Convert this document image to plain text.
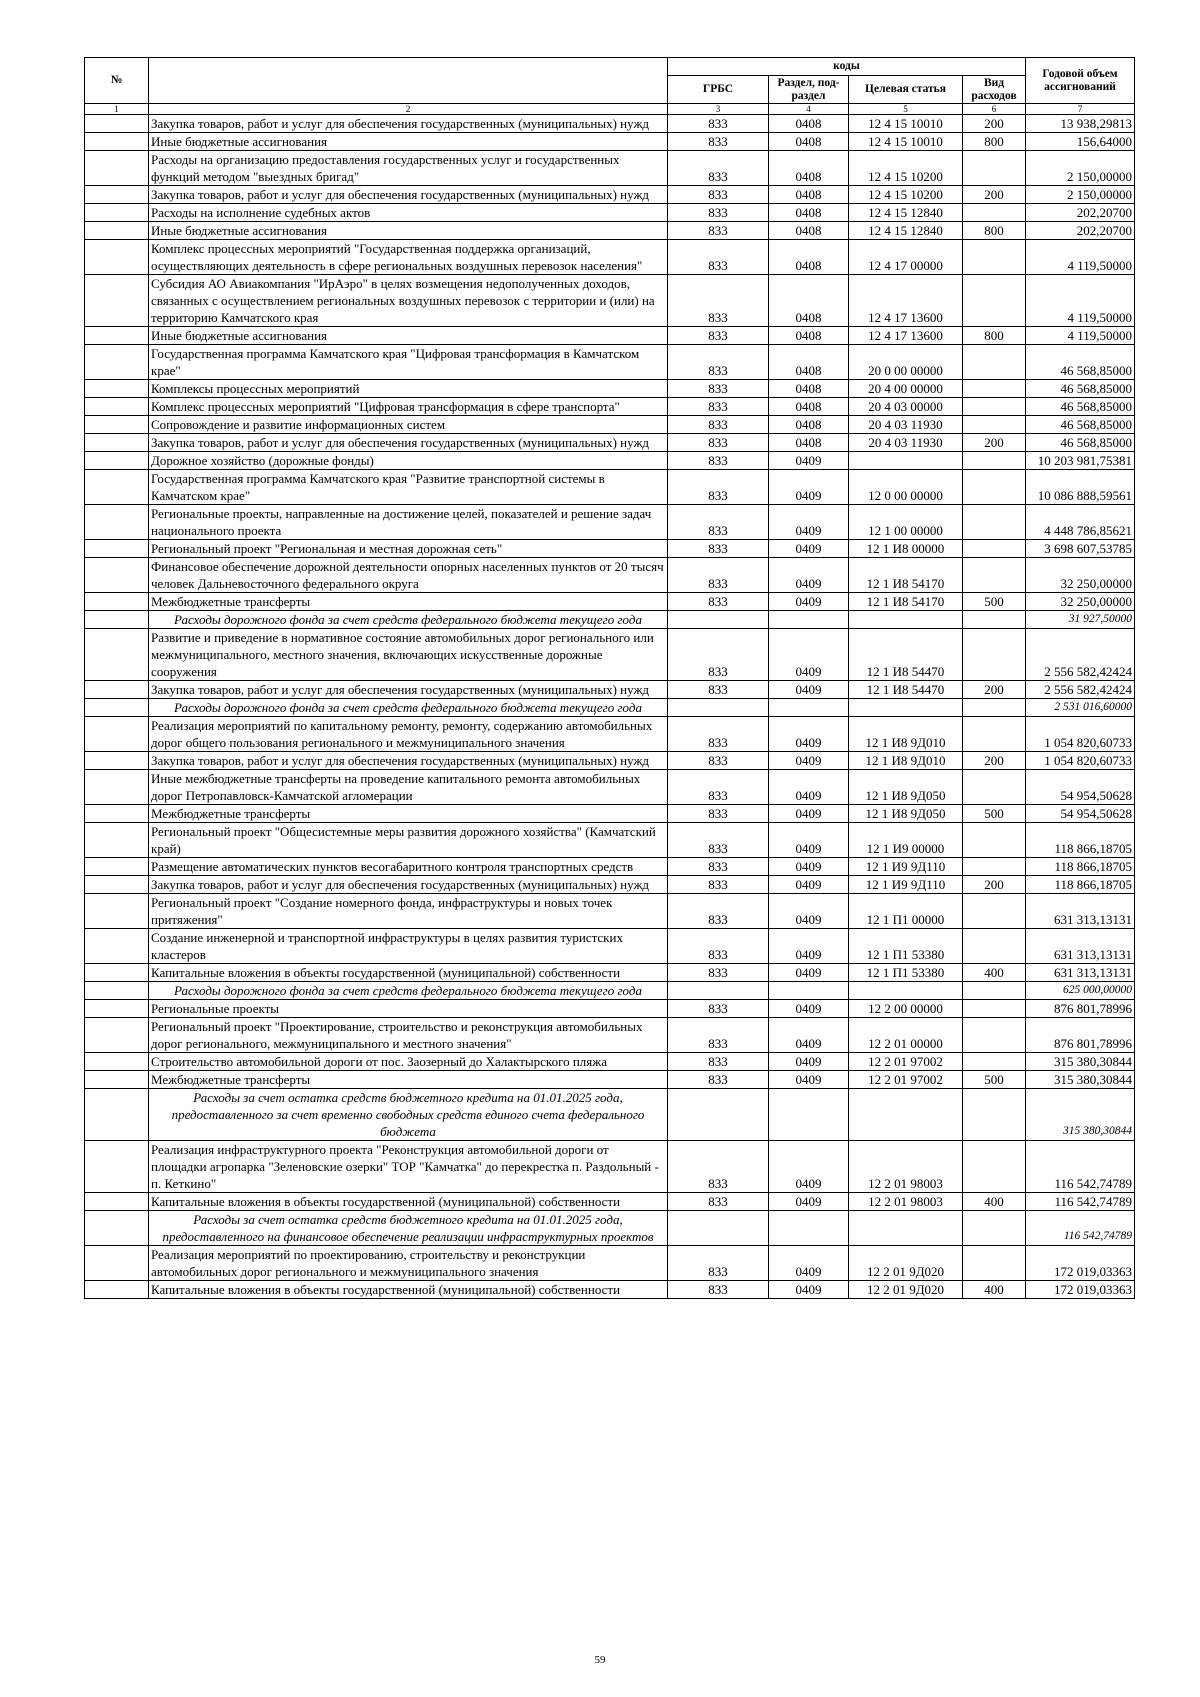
№		коды				Годовой объем ассигнований
		ГРБС	Раздел, под-раздел	Целевая статья	Вид расходов	
1	2	3	4	5	6	7
	Закупка товаров, работ и услуг для обеспечения государственных (муниципальных) нужд	833	0408	12 4 15 10010	200	13 938,29813
	Иные бюджетные ассигнования	833	0408	12 4 15 10010	800	156,64000
	Расходы на организацию предоставления государственных услуг и государственных функций методом "выездных бригад"	833	0408	12 4 15 10200		2 150,00000
	Закупка товаров, работ и услуг для обеспечения государственных (муниципальных) нужд	833	0408	12 4 15 10200	200	2 150,00000
	Расходы на исполнение судебных актов	833	0408	12 4 15 12840		202,20700
	Иные бюджетные ассигнования	833	0408	12 4 15 12840	800	202,20700
	Комплекс процессных мероприятий "Государственная поддержка организаций, осуществляющих деятельность в сфере региональных воздушных перевозок населения"	833	0408	12 4 17 00000		4 119,50000
	Субсидия АО Авиакомпания "ИрАэро" в целях возмещения недополученных доходов, связанных с осуществлением региональных воздушных перевозок с территории и (или) на территорию Камчатского края	833	0408	12 4 17 13600		4 119,50000
	Иные бюджетные ассигнования	833	0408	12 4 17 13600	800	4 119,50000
	Государственная программа Камчатского края "Цифровая трансформация в Камчатском крае"	833	0408	20 0 00 00000		46 568,85000
	Комплексы процессных мероприятий	833	0408	20 4 00 00000		46 568,85000
	Комплекс процессных мероприятий "Цифровая трансформация в сфере транспорта"	833	0408	20 4 03 00000		46 568,85000
	Сопровождение и развитие информационных систем	833	0408	20 4 03 11930		46 568,85000
	Закупка товаров, работ и услуг для обеспечения государственных (муниципальных) нужд	833	0408	20 4 03 11930	200	46 568,85000
	Дорожное хозяйство (дорожные фонды)	833	0409			10 203 981,75381
	Государственная программа Камчатского края "Развитие транспортной системы в Камчатском крае"	833	0409	12 0 00 00000		10 086 888,59561
	Региональные проекты, направленные на достижение целей, показателей и решение задач национального проекта	833	0409	12 1 00 00000		4 448 786,85621
	Региональный проект "Региональная и местная дорожная сеть"	833	0409	12 1 И8 00000		3 698 607,53785
	Финансовое обеспечение дорожной деятельности опорных населенных пунктов от 20 тысяч человек Дальневосточного федерального округа	833	0409	12 1 И8 54170		32 250,00000
	Межбюджетные трансферты	833	0409	12 1 И8 54170	500	32 250,00000
	Расходы дорожного фонда за счет средств федерального бюджета текущего года					31 927,50000
	Развитие и приведение в нормативное состояние автомобильных дорог регионального или межмуниципального, местного значения, включающих искусственные дорожные сооружения	833	0409	12 1 И8 54470		2 556 582,42424
	Закупка товаров, работ и услуг для обеспечения государственных (муниципальных) нужд	833	0409	12 1 И8 54470	200	2 556 582,42424
	Расходы дорожного фонда за счет средств федерального бюджета текущего года					2 531 016,60000
	Реализация мероприятий по капитальному ремонту, ремонту, содержанию автомобильных дорог общего пользования регионального и межмуниципального значения	833	0409	12 1 И8 9Д010		1 054 820,60733
	Закупка товаров, работ и услуг для обеспечения государственных (муниципальных) нужд	833	0409	12 1 И8 9Д010	200	1 054 820,60733
	Иные межбюджетные трансферты на проведение капитального ремонта автомобильных дорог Петропавловск-Камчатской агломерации	833	0409	12 1 И8 9Д050		54 954,50628
	Межбюджетные трансферты	833	0409	12 1 И8 9Д050	500	54 954,50628
	Региональный проект "Общесистемные меры развития дорожного хозяйства" (Камчатский край)	833	0409	12 1 И9 00000		118 866,18705
	Размещение автоматических пунктов весогабаритного контроля транспортных средств	833	0409	12 1 И9 9Д110		118 866,18705
	Закупка товаров, работ и услуг для обеспечения государственных (муниципальных) нужд	833	0409	12 1 И9 9Д110	200	118 866,18705
	Региональный проект "Создание номерного фонда, инфраструктуры и новых точек притяжения"	833	0409	12 1 П1 00000		631 313,13131
	Создание инженерной и транспортной инфраструктуры в целях развития туристских кластеров	833	0409	12 1 П1 53380		631 313,13131
	Капитальные вложения в объекты государственной (муниципальной) собственности	833	0409	12 1 П1 53380	400	631 313,13131
	Расходы дорожного фонда за счет средств федерального бюджета текущего года					625 000,00000
	Региональные проекты	833	0409	12 2 00 00000		876 801,78996
	Региональный проект "Проектирование, строительство и реконструкция автомобильных дорог регионального, межмуниципального и местного значения"	833	0409	12 2 01 00000		876 801,78996
	Строительство автомобильной дороги от пос. Заозерный до Халактырского пляжа	833	0409	12 2 01 97002		315 380,30844
	Межбюджетные трансферты	833	0409	12 2 01 97002	500	315 380,30844
	Расходы за счет остатка средств бюджетного кредита на 01.01.2025 года, предоставленного за счет временно свободных средств единого счета федерального бюджета					315 380,30844
	Реализация инфраструктурного проекта "Реконструкция автомобильной дороги от площадки агропарка "Зеленовские озерки" ТОР "Камчатка" до перекрестка п. Раздольный - п. Кеткино"	833	0409	12 2 01 98003		116 542,74789
	Капитальные вложения в объекты государственной (муниципальной) собственности	833	0409	12 2 01 98003	400	116 542,74789
	Расходы за счет остатка средств бюджетного кредита на 01.01.2025 года, предоставленного на финансовое обеспечение реализации инфраструктурных проектов					116 542,74789
	Реализация мероприятий по проектированию, строительству и реконструкции автомобильных дорог регионального и межмуниципального значения	833	0409	12 2 01 9Д020		172 019,03363
	Капитальные вложения в объекты государственной (муниципальной) собственности	833	0409	12 2 01 9Д020	400	172 019,03363
59
